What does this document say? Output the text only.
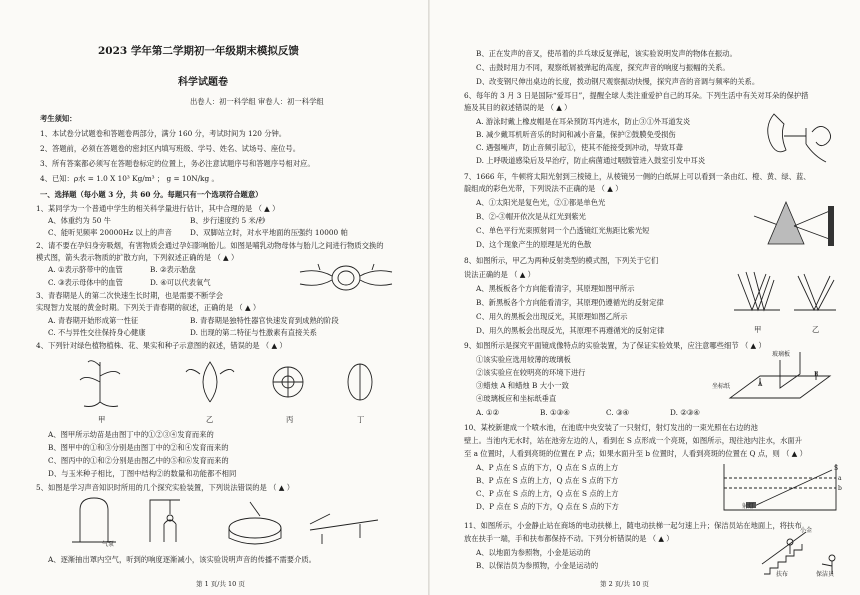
2023 学年第二学期初一年级期末模拟反馈
科学试题卷
出卷人：初一科学组 审卷人：初一科学组
考生须知：
1、本试卷分试题卷和答题卷两部分，满分 160 分，考试时间为 120 分钟。
2、答题前，必须在答题卷的密封区内填写班级、学号、姓名、试场号、座位号。
3、所有答案都必须写在答题卷标定的位置上，务必注意试题序号和答题序号相对应。
4、已知：ρ水 = 1.0 X 10³ Kg/m³ ； g = 10N/kg 。
一、选择题（每小题 3 分，共 60 分。每题只有一个选项符合题意）
1、某同学为一个普通中学生的相关科学量进行估计，其中合理的是 （ ▲ ）
A、体重约为 50 牛	B、步行速度约 5 米/秒
C、能听见频率 20000Hz 以上的声音 D、双脚站立时，对水平地面的压强约 10000 帕
2、请不要在孕妇身旁吸烟，有害物质会通过孕妇影响胎儿。如图是哺乳动物母体与胎儿之间进行物质交换的
模式图，箭头表示物质的扩散方向，下列叙述正确的是 （ ▲ ）
A. ①表示脐带中的血管	B. ②表示胎盘
C. ③表示母体中的血管	D. ④可以代表氧气
3、青春期是人的第二次快速生长时期，也是需要不断学会
实现智力发展的黄金时期。下列关于青春期的叙述，正确的是 （ ▲ ）
A. 青春期开始形成第一性征	B. 青春期是独特性器官快速发育到成熟的阶段
C. 不与异性交往保持身心健康	D. 出现的第二特征与性激素有直接关系
4、下列针对绿色植物植株、花、果实和种子示意图的叙述，错误的是 （ ▲ ）
甲	乙	丙	丁
A、图甲所示幼苗是由图丁中的①②③④发育而来的
B、图甲中的①和③分别是由图丁中的②和④发育而来的
C、图丙中的①和②分别是由图乙中的⑤和⑥发育而来的
D、与玉米种子相比，丁图中结构②的数量和功能都不相同
5、如图是学习声音知识时所用的几个探究实验装置，下列说法错误的是 （ ▲ ）
气泵
A、逐渐抽出罩内空气，听到的响度逐渐减小，该实验说明声音的传播不需要介质。
第 1 页/共 10 页
B、正在发声的音叉，使吊着的乒乓球反复弹起，该实验说明发声的物体在振动。
C、击鼓时用力不同，观察纸屑被弹起的高度，探究声音的响度与振幅的关系。
D、改变钢尺伸出桌边的长度，拨动钢尺观察振动快慢，探究声音的音调与频率的关系。
6、每年的 3 月 3 日是国际“爱耳日”，提醒全球人类注重爱护自己的耳朵。下列生活中有关对耳朵的保护措
施及其目的叙述错误的是 （ ▲ ）
A. 游泳时戴上橡皮帽是在耳朵预防耳内进水，防止③①外耳道发炎
B. 减少戴耳机听音乐的时间和减小音量，保护②鼓膜免受损伤
C. 遇强噪声，防止音频引起①，使其不能接受到冲动，导致耳聋
D. 上呼吸道感染后及早治疗，防止病菌通过咽鼓管进入鼓室引发中耳炎
7、1666 年，牛顿将太阳光射到三棱镜上，从棱镜另一侧的白纸屏上可以看到一条由红、橙、黄、绿、蓝、
靛组成的彩色光带，下列说法不正确的是 （ ▲ ）
A、①太阳光是复色光，②①都是单色光
B、②-③帽开依次是从红光到紫光
C、单色平行光束照射同一个凸透镜红光焦距比紫光短
D、这个现象产生的原理是光的色散
8、如图所示，甲乙为两种反射类型的模式图，下列关于它们
说法正确的是 （ ▲ ）
A、黑板板各个方向能看清字，其原理如图甲所示
B、新黑板各个方向能看清字，其原理仍遵循光的反射定律
C、用久的黑板会出现反光，其原理如图乙所示
D、用久的黑板会出现反光，其原理不再遵循光的反射定律	甲	乙
9、如图所示是探究平面镜成像特点的实验装置，为了保证实验效果，应注意哪些细节 （ ▲ ）
①该实验应选用较薄的玻璃板
②该实验应在较明亮的环境下进行
③蜡烛 A 和蜡烛 B 大小一致
④玻璃板应和坐标纸垂直
A. ①②	B. ①③④	C. ③④	D. ②③④
玻璃板
坐标纸	A
B
10、某校新建成一个喷水池，在池底中央安装了一只射灯，射灯发出的一束光照在右边的池
壁上。当池内无水时，站在池旁左边的人，看到在 S 点形成一个亮斑，如图所示，现往池内注水，水面升
至 a 位置时，人看到亮斑的位置在 P 点；如果水面升至 b 位置时，人看到亮斑的位置在 Q 点，则 （ ▲ ）
A、P 点在 S 点的下方，Q 点在 S 点的上方
B、P 点在 S 点的上方，Q 点在 S 点的下方
C、P 点在 S 点的上方，Q 点在 S 点的上方
D、P 点在 S 点的下方，Q 点在 S 点的下方
a
b
S
射灯
11、如图所示，小金静止站在商场的电动扶梯上，随电动扶梯一起匀速上升；保洁员站在地面上，将扶布
放在扶手一端，手和扶布都保持不动。下列分析错误的是 （ ▲ ）
A、以地面为参照物，小金是运动的
B、以保洁员为参照物，小金是运动的
小金
扶布	保洁员
第 2 页/共 10 页
